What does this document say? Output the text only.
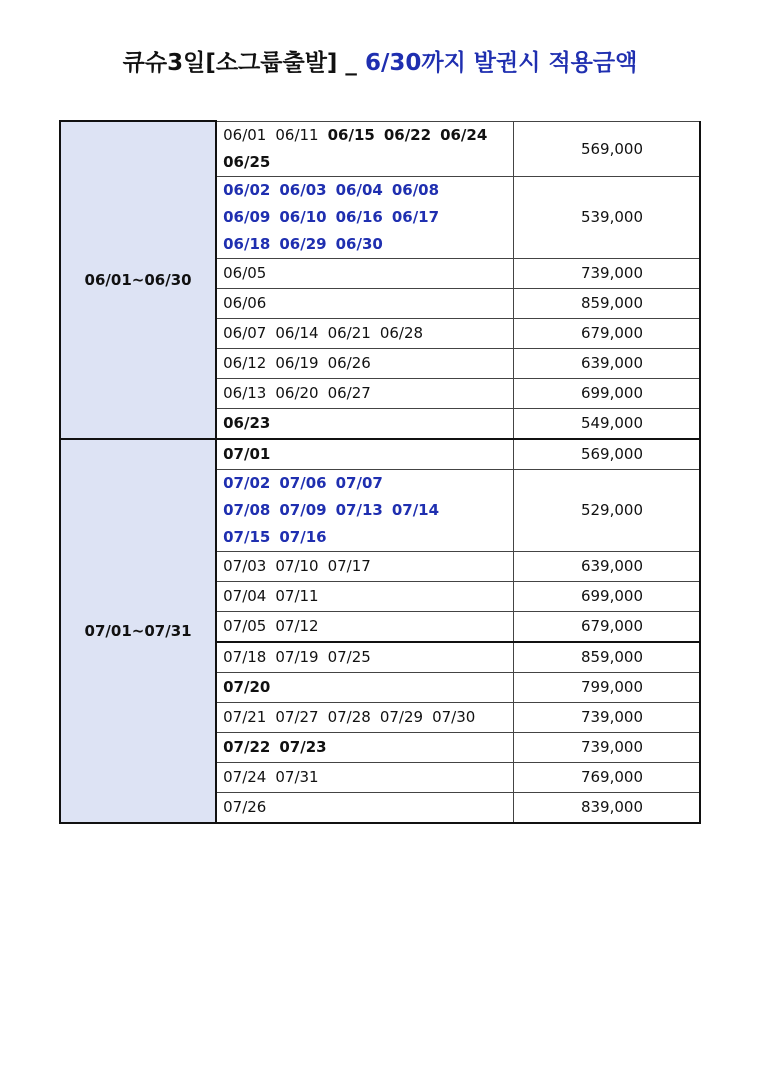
큐슈3일[소그룹출발] _ 6/30까지 발권시 적용금액
06/01~06/30	06/01 06/11 06/15 06/22 06/24
06/25	569,000

	06/02 06/03 06/04 06/08
06/09 06/10 06/16 06/17
06/18 06/29 06/30	539,000

	06/05	739,000

	06/06	859,000

	06/07 06/14 06/21 06/28	679,000

	06/12 06/19 06/26	639,000

	06/13 06/20 06/27	699,000

	06/23	549,000
07/01~07/31	07/01	569,000

	07/02 07/06 07/07
07/08 07/09 07/13 07/14
07/15 07/16	529,000

	07/03 07/10 07/17	639,000

	07/04 07/11	699,000

	07/05 07/12	679,000

	07/18 07/19 07/25	859,000

	07/20	799,000

	07/21 07/27 07/28 07/29 07/30	739,000

	07/22 07/23	739,000

	07/24 07/31	769,000

	07/26	839,000
